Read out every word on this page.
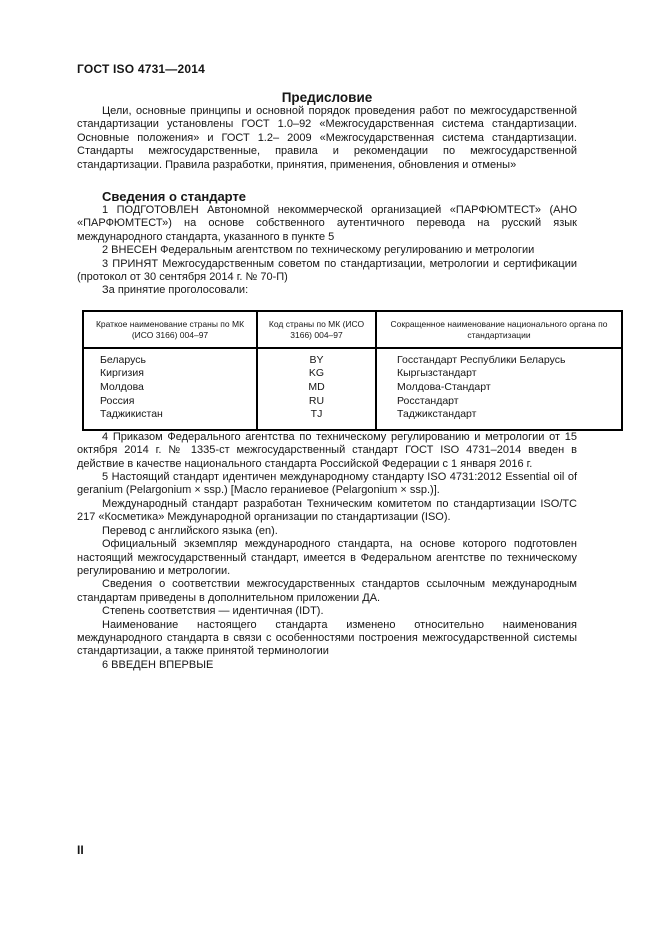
ГОСТ ISO 4731—2014
Предисловие

Цели, основные принципы и основной порядок проведения работ по межгосударственной стандартизации установлены ГОСТ 1.0–92 «Межгосударственная система стандартизации. Основные положения» и ГОСТ 1.2– 2009 «Межгосударственная система стандартизации. Стандарты межгосударственные, правила и рекомендации по межгосударственной стандартизации. Правила разработки, принятия, применения, обновления и отмены»

Сведения о стандарте

1 ПОДГОТОВЛЕН Автономной некоммерческой организацией «ПАРФЮМТЕСТ» (АНО «ПАРФЮМТЕСТ») на основе собственного аутентичного перевода на русский язык международного стандарта, указанного в пункте 5

2 ВНЕСЕН Федеральным агентством по техническому регулированию и метрологии

3 ПРИНЯТ Межгосударственным советом по стандартизации, метрологии и сертификации (протокол от 30 сентября 2014 г. № 70-П)

За принятие проголосовали:

Краткое наименование страны по МК (ИСО 3166) 004–97	Код страны по МК (ИСО 3166) 004–97	Сокращенное наименование национального органа по стандартизации
Беларусь	BY	Госстандарт Республики Беларусь
Киргизия	KG	Кыргызстандарт
Молдова	MD	Молдова-Стандарт
Россия	RU	Росстандарт
Таджикистан	TJ	Таджикстандарт

4 Приказом Федерального агентства по техническому регулированию и метрологии от 15 октября 2014 г. № 1335-ст межгосударственный стандарт ГОСТ ISO 4731–2014 введен в действие в качестве национального стандарта Российской Федерации с 1 января 2016 г.

5 Настоящий стандарт идентичен международному стандарту ISO 4731:2012 Essential oil of geranium (Pelargonium × ssp.) [Масло гераниевое (Pelargonium × ssp.)].

Международный стандарт разработан Техническим комитетом по стандартизации ISO/TC 217 «Косметика» Международной организации по стандартизации (ISO).

Перевод с английского языка (en).

Официальный экземпляр международного стандарта, на основе которого подготовлен настоящий межгосударственный стандарт, имеется в Федеральном агентстве по техническому регулированию и метрологии.

Сведения о соответствии межгосударственных стандартов ссылочным международным стандартам приведены в дополнительном приложении ДА.

Степень соответствия — идентичная (IDT).

Наименование настоящего стандарта изменено относительно наименования международного стандарта в связи с особенностями построения межгосударственной системы стандартизации, а также принятой терминологии

6 ВВЕДЕН ВПЕРВЫЕ

II
